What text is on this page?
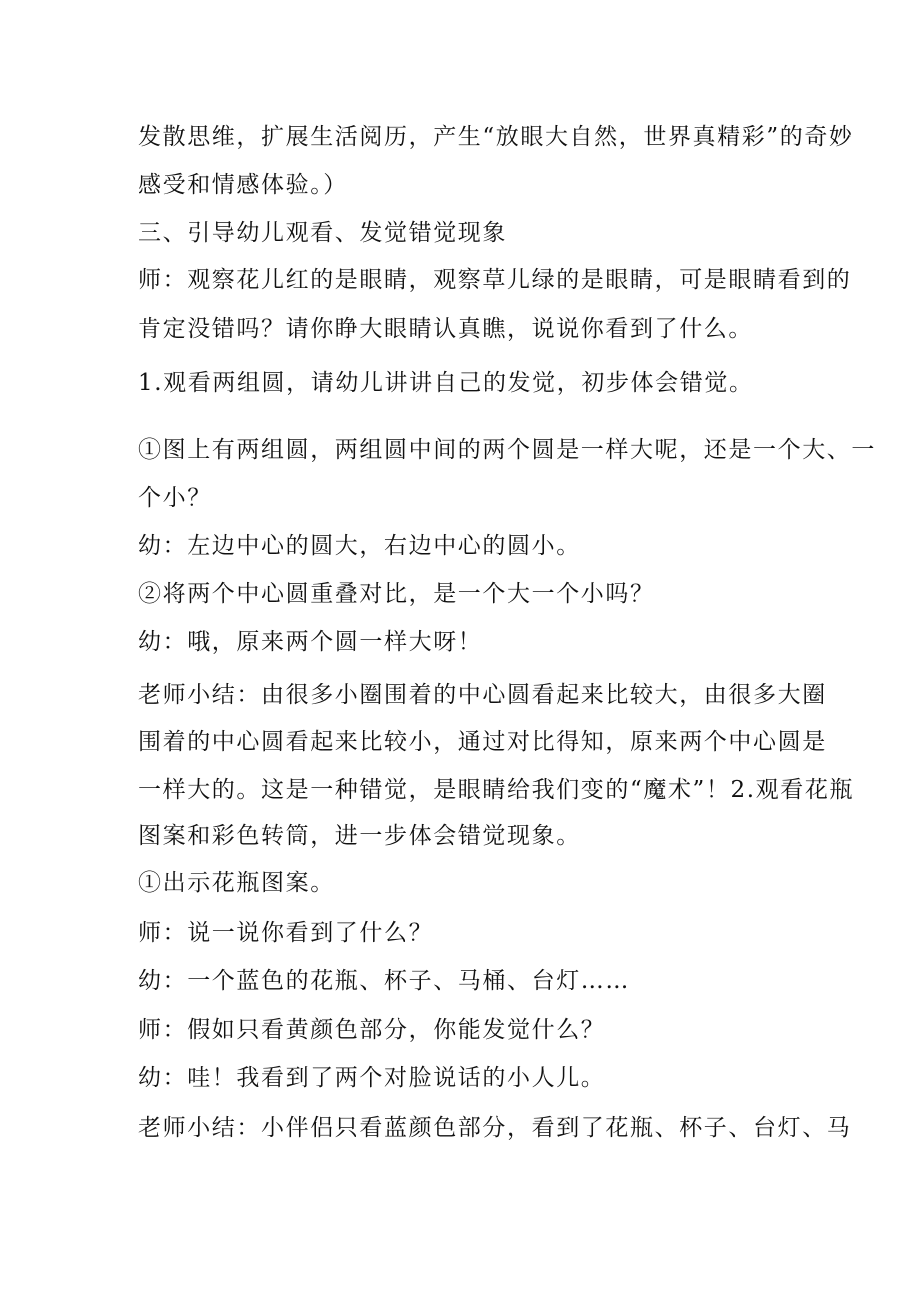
发散思维，扩展生活阅历，产生“放眼大自然，世界真精彩”的奇妙
感受和情感体验。）
三、引导幼儿观看、发觉错觉现象
师：观察花儿红的是眼睛，观察草儿绿的是眼睛，可是眼睛看到的
肯定没错吗？请你睁大眼睛认真瞧，说说你看到了什么。
1.观看两组圆，请幼儿讲讲自己的发觉，初步体会错觉。
①图上有两组圆，两组圆中间的两个圆是一样大呢，还是一个大、一
个小？
幼：左边中心的圆大，右边中心的圆小。
②将两个中心圆重叠对比，是一个大一个小吗？
幼：哦，原来两个圆一样大呀！
老师小结：由很多小圈围着的中心圆看起来比较大，由很多大圈
围着的中心圆看起来比较小，通过对比得知，原来两个中心圆是
一样大的。这是一种错觉，是眼睛给我们变的“魔术”！2.观看花瓶
图案和彩色转筒，进一步体会错觉现象。
①出示花瓶图案。
师：说一说你看到了什么？
幼：一个蓝色的花瓶、杯子、马桶、台灯……
师：假如只看黄颜色部分，你能发觉什么？
幼：哇！我看到了两个对脸说话的小人儿。
老师小结：小伴侣只看蓝颜色部分，看到了花瓶、杯子、台灯、马
